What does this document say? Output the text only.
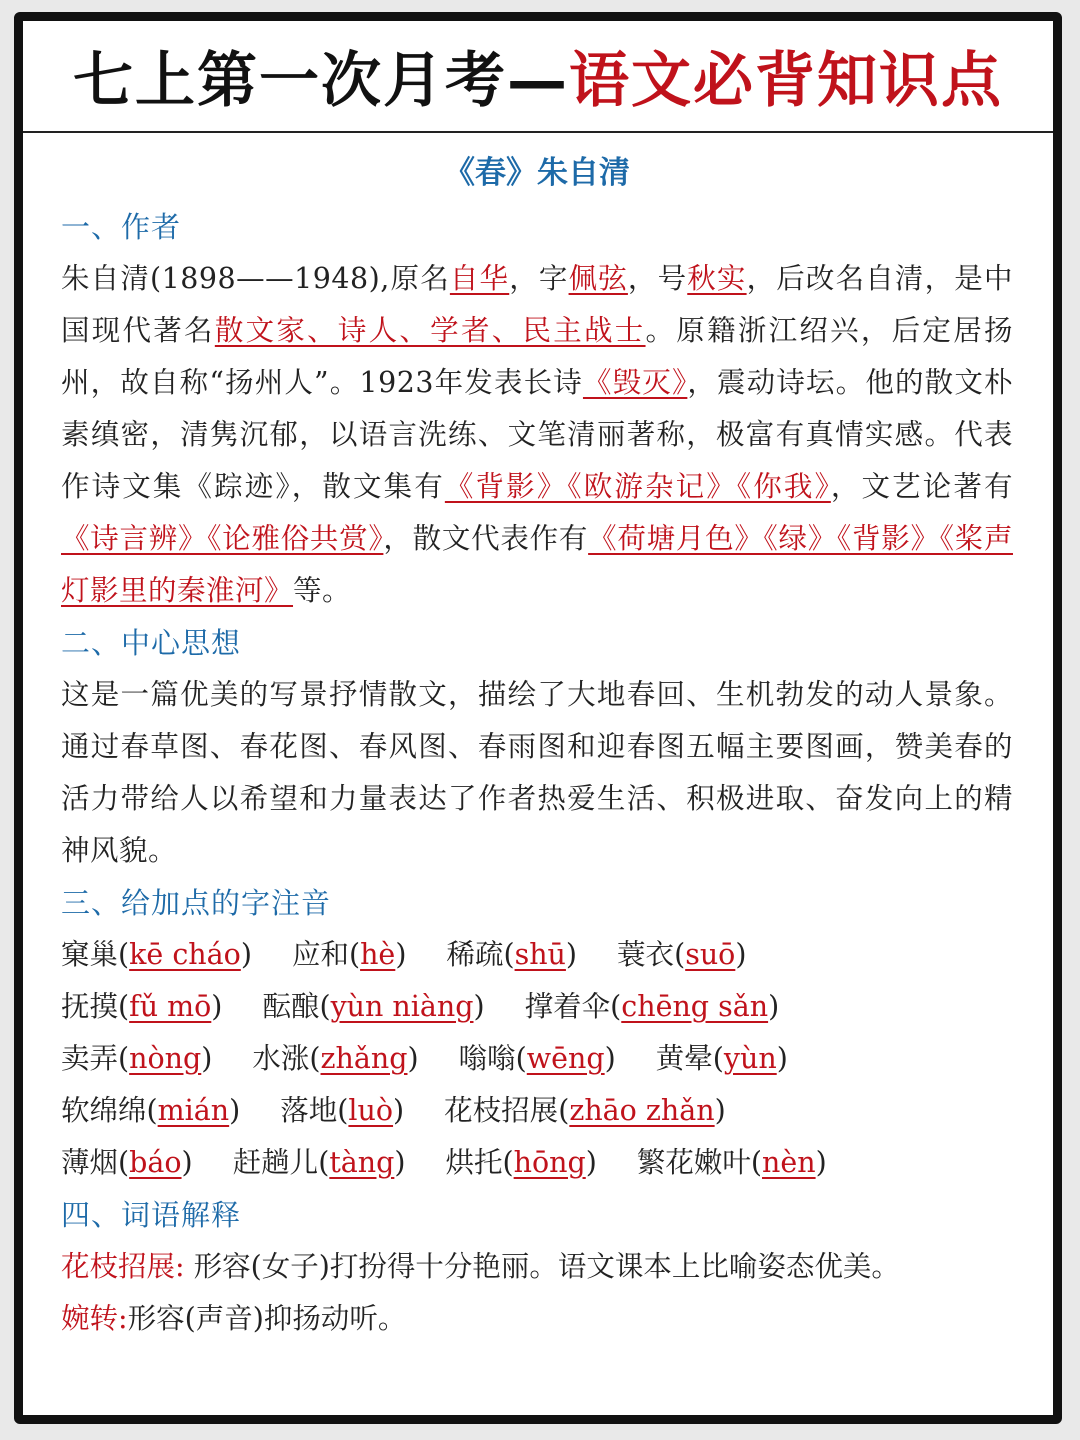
七上第一次月考— 语文必背知识点
《春》朱自清
一、作者
朱自清(1898——1948),原名自华，字佩弦，号秋实，后改名自清，是中国现代著名散文家、诗人、学者、民主战士。原籍浙江绍兴，后定居扬州，故自称“扬州人”。1923年发表长诗《毁灭》，震动诗坛。他的散文朴素缜密，清隽沉郁，以语言洗练、文笔清丽著称，极富有真情实感。代表作诗文集《踪迹》，散文集有《背影》《欧游杂记》《你我》，文艺论著有《诗言辨》《论雅俗共赏》，散文代表作有《荷塘月色》《绿》《背影》《桨声灯影里的秦淮河》等。
二、中心思想
这是一篇优美的写景抒情散文，描绘了大地春回、生机勃发的动人景象。通过春草图、春花图、春风图、春雨图和迎春图五幅主要图画，赞美春的活力带给人以希望和力量表达了作者热爱生活、积极进取、奋发向上的精神风貌。
三、给加点的字注音
窠巢(kē cháo) 应和(hè) 稀疏(shū) 蓑衣(suō)
抚摸(fǔ mō) 酝酿(yùn niàng) 撑着伞(chēng sǎn)
卖弄(nòng) 水涨(zhǎng) 嗡嗡(wēng) 黄晕(yùn)
软绵绵(mián) 落地(luò) 花枝招展(zhāo zhǎn)
薄烟(báo) 赶趟儿(tàng) 烘托(hōng) 繁花嫩叶(nèn)
四、词语解释
花枝招展: 形容(女子)打扮得十分艳丽。语文课本上比喻姿态优美。
婉转:形容(声音)抑扬动听。
